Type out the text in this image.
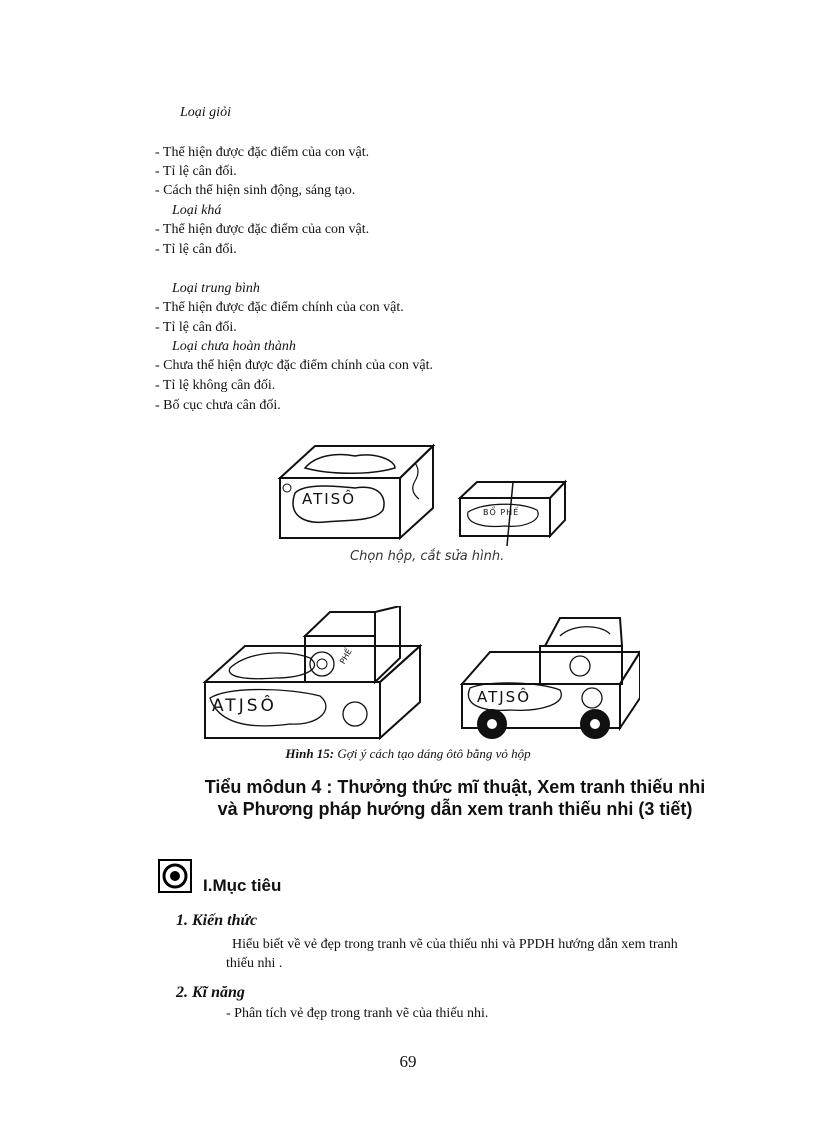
Loại giỏi
- Thể hiện được đặc điểm của con vật.
- Tỉ lệ cân đối.
- Cách thể hiện sinh động, sáng tạo.
Loại khá
- Thể hiện được đặc điểm của con vật.
- Tỉ lệ cân đối.
Loại trung bình
- Thể hiện được đặc điểm chính của con vật.
- Tỉ lệ cân đối.
Loại chưa hoàn thành
- Chưa thể hiện được đặc điểm chính của con vật.
- Tỉ lệ không cân đối.
- Bố cục chưa cân đối.
ATISÔ
BỔ PHẾ
Chọn hộp, cắt sửa hình.
ATJSÔ	ATJSÔ
PHẾ
Hình 15: Gợi ý cách tạo dáng ôtô bằng vỏ hộp
Tiểu môdun 4 : Thưởng thức mĩ thuật, Xem tranh thiếu nhi và Phương pháp hướng dẫn xem tranh thiếu nhi (3 tiết)
I.Mục tiêu
1. Kiến thức
Hiểu biết về vẻ đẹp trong tranh vẽ của thiếu nhi và PPDH hướng dẫn xem tranh thiếu nhi .
2. Kĩ năng
- Phân tích vẻ đẹp trong tranh vẽ của thiếu nhi.
69
